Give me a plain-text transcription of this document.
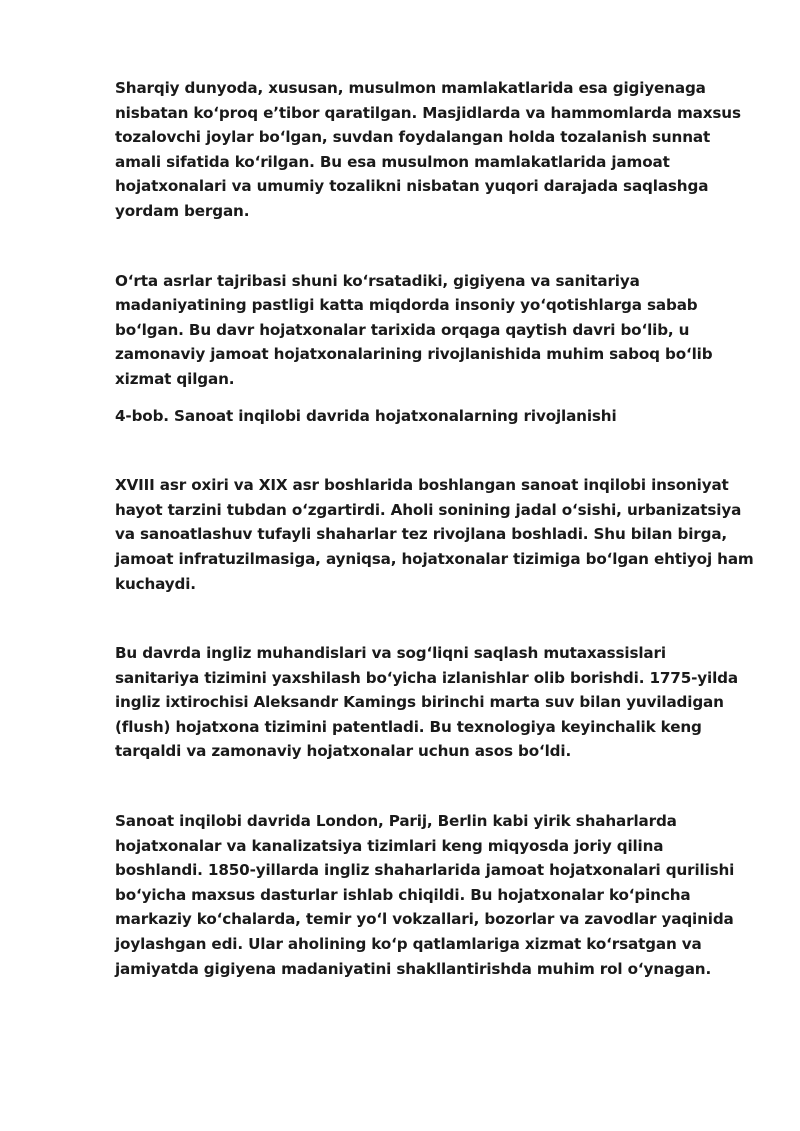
Sharqiy dunyoda, xususan, musulmon mamlakatlarida esa gigiyenaga nisbatan koʻproq eʼtibor qaratilgan. Masjidlarda va hammomlarda maxsus tozalovchi joylar boʻlgan, suvdan foydalangan holda tozalanish sunnat amali sifatida koʻrilgan. Bu esa musulmon mamlakatlarida jamoat hojatxonalari va umumiy tozalikni nisbatan yuqori darajada saqlashga yordam bergan.

Oʻrta asrlar tajribasi shuni koʻrsatadiki, gigiyena va sanitariya madaniyatining pastligi katta miqdorda insoniy yoʻqotishlarga sabab boʻlgan. Bu davr hojatxonalar tarixida orqaga qaytish davri boʻlib, u zamonaviy jamoat hojatxonalarining rivojlanishida muhim saboq boʻlib xizmat qilgan.

4-bob. Sanoat inqilobi davrida hojatxonalarning rivojlanishi

XVIII asr oxiri va XIX asr boshlarida boshlangan sanoat inqilobi insoniyat hayot tarzini tubdan oʻzgartirdi. Aholi sonining jadal oʻsishi, urbanizatsiya va sanoatlashuv tufayli shaharlar tez rivojlana boshladi. Shu bilan birga, jamoat infratuzilmasiga, ayniqsa, hojatxonalar tizimiga boʻlgan ehtiyoj ham kuchaydi.

Bu davrda ingliz muhandislari va sogʻliqni saqlash mutaxassislari sanitariya tizimini yaxshilash boʻyicha izlanishlar olib borishdi. 1775-yilda ingliz ixtirochisi Aleksandr Kamings birinchi marta suv bilan yuviladigan (flush) hojatxona tizimini patentladi. Bu texnologiya keyinchalik keng tarqaldi va zamonaviy hojatxonalar uchun asos boʻldi.

Sanoat inqilobi davrida London, Parij, Berlin kabi yirik shaharlarda hojatxonalar va kanalizatsiya tizimlari keng miqyosda joriy qilina boshlandi. 1850-yillarda ingliz shaharlarida jamoat hojatxonalari qurilishi boʻyicha maxsus dasturlar ishlab chiqildi. Bu hojatxonalar koʻpincha markaziy koʻchalarda, temir yoʻl vokzallari, bozorlar va zavodlar yaqinida joylashgan edi. Ular aholining koʻp qatlamlariga xizmat koʻrsatgan va jamiyatda gigiyena madaniyatini shakllantirishda muhim rol oʻynagan.
